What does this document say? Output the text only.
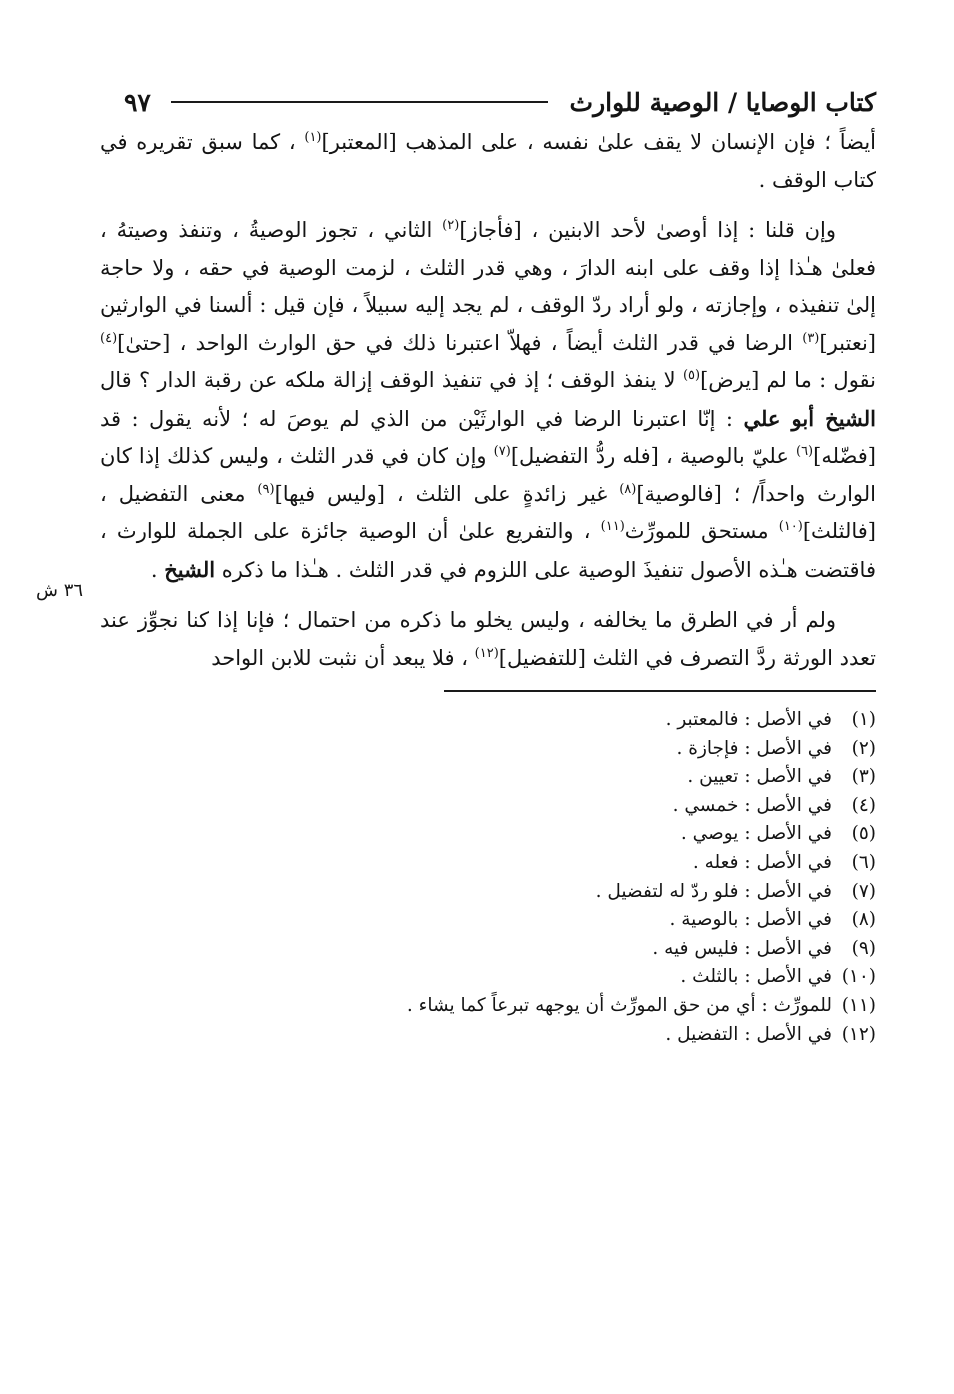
كتاب الوصايا / الوصية للوارث
٩٧

أيضاً ؛ فإن الإنسان لا يقف علىٰ نفسه ، على المذهب [المعتبر]$^{(١)}$ ، كما سبق تقريره في كتاب الوقف .

وإن قلنا : إذا أوصىٰ لأحد الابنين ، [فأجاز]$^{(٢)}$ الثاني ، تجوز الوصيةُ ، وتنفذ وصيتهُ ، فعلىٰ هـٰذا إذا وقف على ابنه الدارَ ، وهي قدر الثلث ، لزمت الوصية في حقه ، ولا حاجة إلىٰ تنفيذه ، وإجازته ، ولو أراد ردّ الوقف ، لم يجد إليه سبيلاً ، فإن قيل : ألسنا في الوارثين [نعتبر]$^{(٣)}$ الرضا في قدر الثلث أيضاً ، فهلاّ اعتبرنا ذلك في حق الوارث الواحد ، [حتىٰ]$^{(٤)}$ نقول : ما لم [يرض]$^{(٥)}$ لا ينفذ الوقف ؛ إذ في تنفيذ الوقف إزالة ملكه عن رقبة الدار ؟ قال الشيخ أبو علي : إنّا اعتبرنا الرضا في الوارثَيْن من الذي لم يوصَ له ؛ لأنه يقول : قد [فضّله]$^{(٦)}$ عليّ بالوصية ، [فله ردُّ التفضيل]$^{(٧)}$ وإن كان في قدر الثلث ، وليس كذلك إذا كان الوارث واحداً/ ؛ [فالوصية]$^{(٨)}$ غير زائدةٍ على الثلث ، [وليس فيها]$^{(٩)}$ معنى التفضيل ، [فالثلث]$^{(١٠)}$ مستحق للمورِّث$^{(١١)}$ ، والتفريع علىٰ أن الوصية جائزة على الجملة للوارث ، فاقتضت هـٰذه الأصول تنفيذَ الوصية على اللزوم في قدر الثلث . هـٰذا ما ذكره الشيخ .

ولم أر في الطرق ما يخالفه ، وليس يخلو ما ذكره من احتمال ؛ فإنا إذا كنا نجوِّز عند تعدد الورثة ردَّ التصرف في الثلث [للتفضيل]$^{(١٢)}$ ، فلا يبعد أن نثبت للابن الواحد

(١)
في الأصل : فالمعتبر .
(٢)
في الأصل : فإجازة .
(٣)
في الأصل : تعيين .
(٤)
في الأصل : خمسي .
(٥)
في الأصل : يوصي .
(٦)
في الأصل : فعله .
(٧)
في الأصل : فلو ردّ له لتفضيل .
(٨)
في الأصل : بالوصية .
(٩)
في الأصل : فليس فيه .
(١٠)
في الأصل : بالثلث .
(١١)
للمورِّث : أي من حق المورِّث أن يوجهه تبرعاً كما يشاء .
(١٢)
في الأصل : التفضيل .
٣٦ ش
